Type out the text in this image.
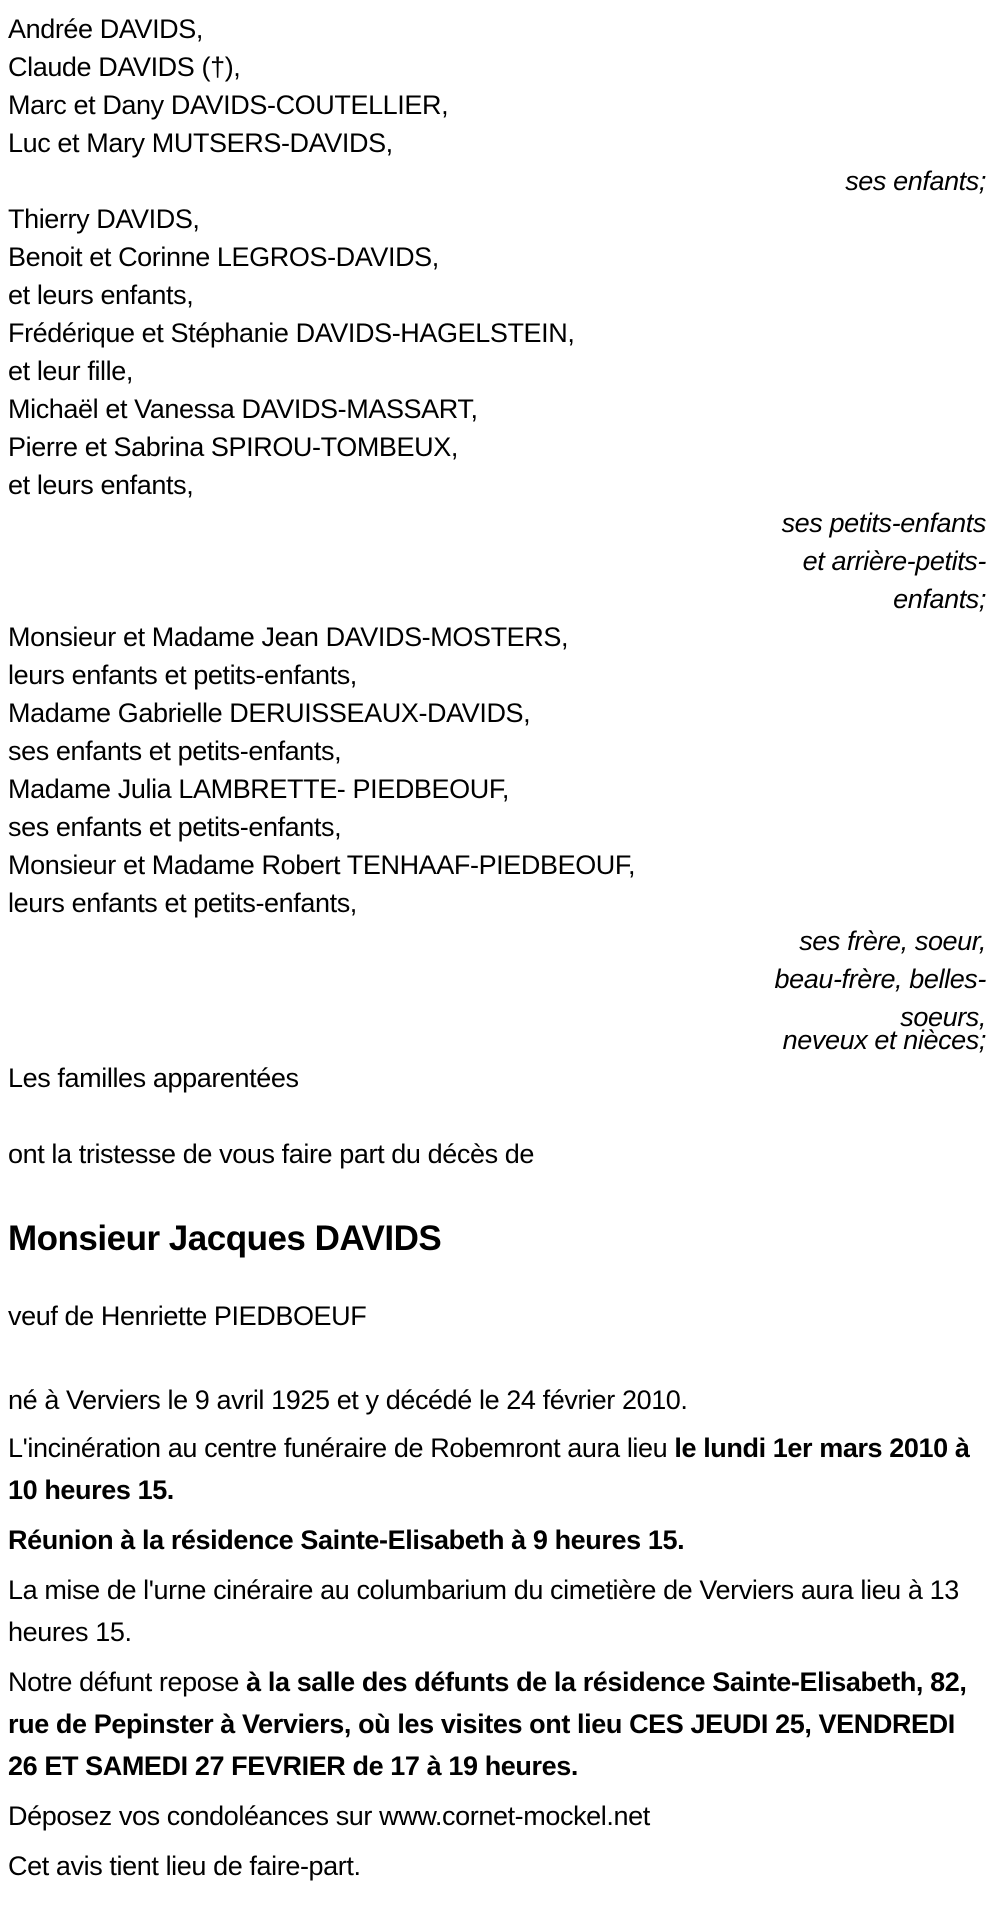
Andrée DAVIDS,
Claude DAVIDS (†),
Marc et Dany DAVIDS-COUTELLIER,
Luc et Mary MUTSERS-DAVIDS,
ses enfants;
Thierry DAVIDS,
Benoit et Corinne LEGROS-DAVIDS,
et leurs enfants,
Frédérique et Stéphanie DAVIDS-HAGELSTEIN,
et leur fille,
Michaël et Vanessa DAVIDS-MASSART,
Pierre et Sabrina SPIROU-TOMBEUX,
et leurs enfants,
ses petits-enfants
et arrière-petits-
enfants;
Monsieur et Madame Jean DAVIDS-MOSTERS,
leurs enfants et petits-enfants,
Madame Gabrielle DERUISSEAUX-DAVIDS,
ses enfants et petits-enfants,
Madame Julia LAMBRETTE- PIEDBEOUF,
ses enfants et petits-enfants,
Monsieur et Madame Robert TENHAAF-PIEDBEOUF,
leurs enfants et petits-enfants,
ses frère, soeur,
beau-frère, belles-
soeurs,
neveux et nièces;
Les familles apparentées
ont la tristesse de vous faire part du décès de
Monsieur Jacques DAVIDS
veuf de Henriette PIEDBOEUF
né à Verviers le 9 avril 1925 et y décédé le 24 février 2010.

L'incinération au centre funéraire de Robemront aura lieu le lundi 1er mars 2010 à 10 heures 15.

Réunion à la résidence Sainte-Elisabeth à 9 heures 15.

La mise de l'urne cinéraire au columbarium du cimetière de Verviers aura lieu à 13 heures 15.

Notre défunt repose à la salle des défunts de la résidence Sainte-Elisabeth, 82, rue de Pepinster à Verviers, où les visites ont lieu CES JEUDI 25, VENDREDI 26 ET SAMEDI 27 FEVRIER de 17 à 19 heures.

Déposez vos condoléances sur www.cornet-mockel.net

Cet avis tient lieu de faire-part.
